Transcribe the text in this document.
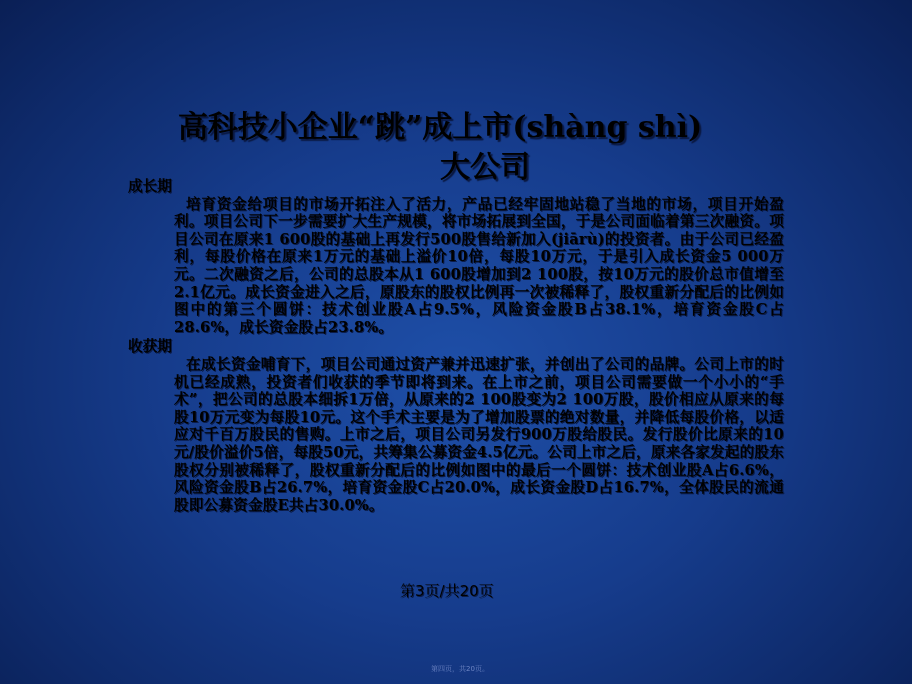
高科技小企业“跳”成上市(shàng shì)
大公司
成长期
培育资金给项目的市场开拓注入了活力，产品已经牢固地站稳了当地的市场，项目开始盈利。项目公司下一步需要扩大生产规模，将市场拓展到全国，于是公司面临着第三次融资。项目公司在原来1 600股的基础上再发行500股售给新加入(jiārù)的投资者。由于公司已经盈利，每股价格在原来1万元的基础上溢价10倍，每股10万元，于是引入成长资金5 000万元。二次融资之后，公司的总股本从1 600股增加到2 100股，按10万元的股价总市值增至2.1亿元。成长资金进入之后，原股东的股权比例再一次被稀释了，股权重新分配后的比例如图中的第三个圆饼：技术创业股A占9.5%，风险资金股B占38.1%，培育资金股C占28.6%，成长资金股占23.8%。
收获期
在成长资金哺育下，项目公司通过资产兼并迅速扩张，并创出了公司的品牌。公司上市的时机已经成熟，投资者们收获的季节即将到来。在上市之前，项目公司需要做一个小小的“手术”，把公司的总股本细拆1万倍，从原来的2 100股变为2 100万股，股价相应从原来的每股10万元变为每股10元。这个手术主要是为了增加股票的绝对数量，并降低每股价格，以适应对千百万股民的售购。上市之后，项目公司另发行900万股给股民。发行股价比原来的10元/股价溢价5倍，每股50元，共筹集公募资金4.5亿元。公司上市之后，原来各家发起的股东股权分别被稀释了，股权重新分配后的比例如图中的最后一个圆饼：技术创业股A占6.6%，风险资金股B占26.7%，培育资金股C占20.0%，成长资金股D占16.7%，全体股民的流通股即公募资金股E共占30.0%。
第3页/共20页
第四页，共20页。
